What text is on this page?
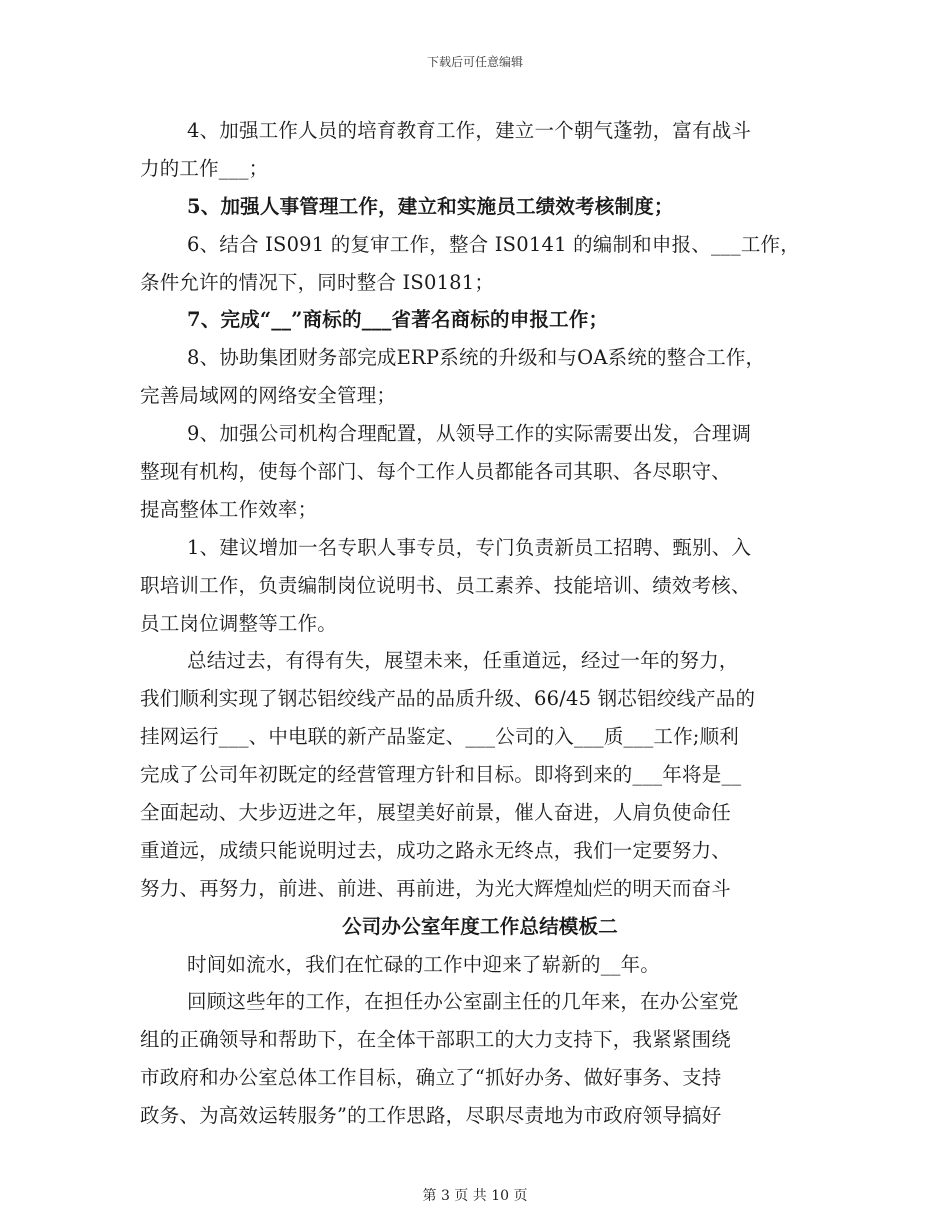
下载后可任意编辑
4、加强工作人员的培育教育工作，建立一个朝气蓬勃，富有战斗
力的工作___；
5、加强人事管理工作，建立和实施员工绩效考核制度；
6、结合 IS091 的复审工作，整合 IS0141 的编制和申报、___工作，
条件允许的情况下，同时整合 IS0181；
7、完成“__”商标的___省著名商标的申报工作；
8、协助集团财务部完成ERP系统的升级和与OA系统的整合工作，
完善局域网的网络安全管理；
9、加强公司机构合理配置，从领导工作的实际需要出发，合理调
整现有机构，使每个部门、每个工作人员都能各司其职、各尽职守、
提高整体工作效率；
1、建议增加一名专职人事专员，专门负责新员工招聘、甄别、入
职培训工作，负责编制岗位说明书、员工素养、技能培训、绩效考核、
员工岗位调整等工作。
总结过去，有得有失，展望未来，任重道远，经过一年的努力，
我们顺利实现了钢芯铝绞线产品的品质升级、66/45 钢芯铝绞线产品的
挂网运行___、中电联的新产品鉴定、___公司的入___质___工作;顺利
完成了公司年初既定的经营管理方针和目标。即将到来的___年将是__
全面起动、大步迈进之年，展望美好前景，催人奋进，人肩负使命任
重道远，成绩只能说明过去，成功之路永无终点，我们一定要努力、
努力、再努力，前进、前进、再前进，为光大辉煌灿烂的明天而奋斗
公司办公室年度工作总结模板二
时间如流水，我们在忙碌的工作中迎来了崭新的__年。
回顾这些年的工作，在担任办公室副主任的几年来，在办公室党
组的正确领导和帮助下，在全体干部职工的大力支持下，我紧紧围绕
市政府和办公室总体工作目标，确立了“抓好办务、做好事务、支持
政务、为高效运转服务”的工作思路，尽职尽责地为市政府领导搞好
第 3 页 共 10 页
